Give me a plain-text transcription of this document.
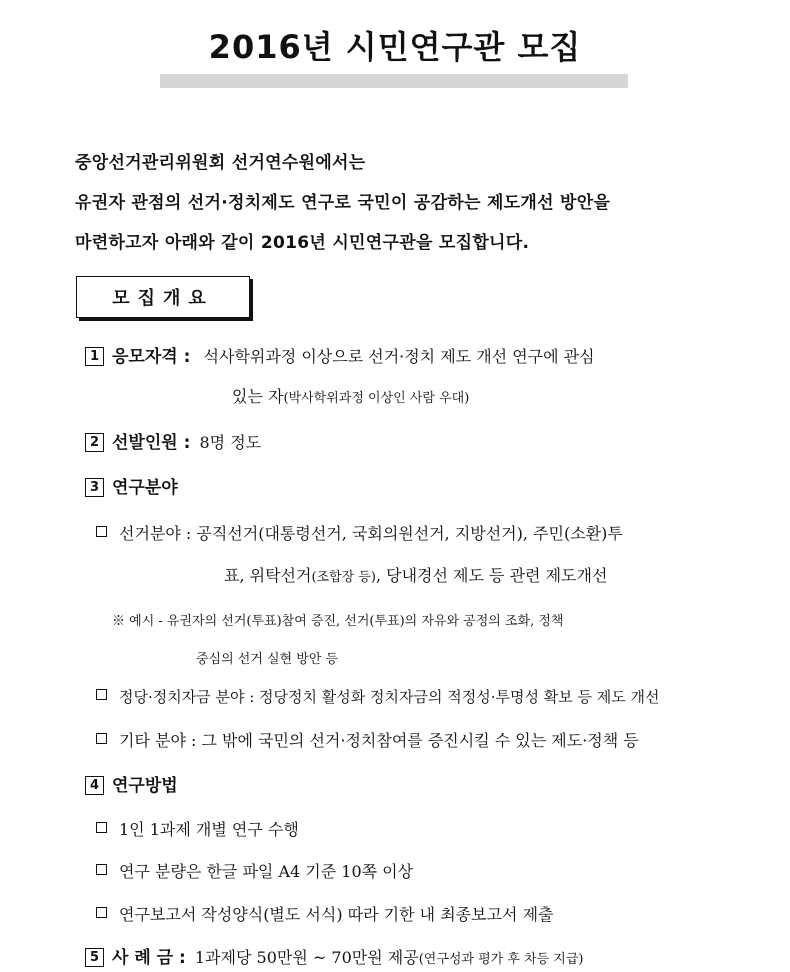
2016년 시민연구관 모집
중앙선거관리위원회 선거연수원에서는
유권자 관점의 선거·정치제도 연구로 국민이 공감하는 제도개선 방안을
마련하고자 아래와 같이 2016년 시민연구관을 모집합니다.
모집개요
1 응모자격 : 석사학위과정 이상으로 선거·정치 제도 개선 연구에 관심
있는 자(박사학위과정 이상인 사람 우대)
2 선발인원 : 8명 정도
3 연구분야
선거분야 : 공직선거(대통령선거, 국회의원선거, 지방선거), 주민(소환)투
표, 위탁선거(조합장 등), 당내경선 제도 등 관련 제도개선
※ 예시 - 유권자의 선거(투표)참여 증진, 선거(투표)의 자유와 공정의 조화, 정책
중심의 선거 실현 방안 등
정당·정치자금 분야 : 정당정치 활성화 정치자금의 적정성·투명성 확보 등 제도 개선
기타 분야 : 그 밖에 국민의 선거·정치참여를 증진시킬 수 있는 제도·정책 등
4 연구방법
1인 1과제 개별 연구 수행
연구 분량은 한글 파일 A4 기준 10쪽 이상
연구보고서 작성양식(별도 서식) 따라 기한 내 최종보고서 제출
5 사 례 금 : 1과제당 50만원 ~ 70만원 제공(연구성과 평가 후 차등 지급)
